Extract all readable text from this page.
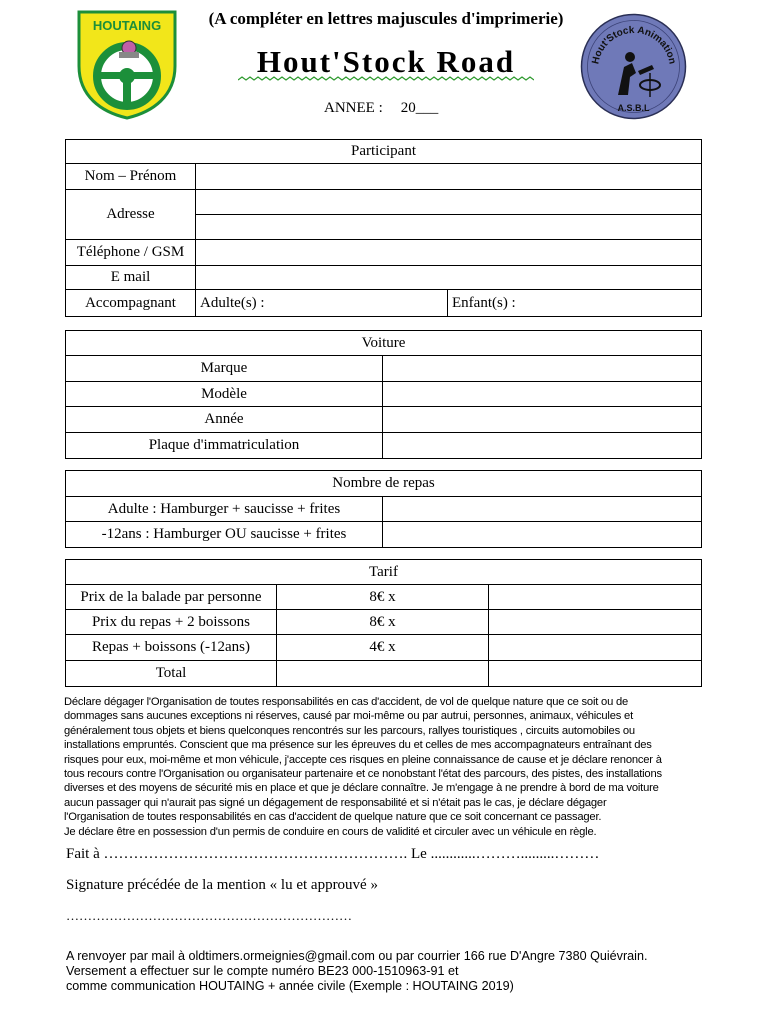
HOUTAING	(A compléter en lettres majuscules d'imprimerie)
Hout'Stock Road
ANNEE : 20___
Hout'Stock Animation
A.S.B.L
Participant		
Nom – Prénom		
Adresse		

Téléphone / GSM		
E mail		
Accompagnant	Adulte(s) :	Enfant(s) :
Voiture	
Marque	
Modèle	
Année	
Plaque d'immatriculation	
Nombre de repas	
Adulte : Hamburger + saucisse + frites	
-12ans : Hamburger OU saucisse + frites	
Tarif		
Prix de la balade par personne	8€ x	
Prix du repas + 2 boissons	8€ x	
Repas + boissons (-12ans)	4€ x	
Total		
Déclare dégager l'Organisation de toutes responsabilités en cas d'accident, de vol de quelque nature que ce soit ou de
dommages sans aucunes exceptions ni réserves, causé par moi-même ou par autrui, personnes, animaux, véhicules et
généralement tous objets et biens quelconques rencontrés sur les parcours, rallyes touristiques , circuits automobiles ou
installations empruntés. Conscient que ma présence sur les épreuves du et celles de mes accompagnateurs entraînant des
risques pour eux, moi-même et mon véhicule, j'accepte ces risques en pleine connaissance de cause et je déclare renoncer à
tous recours contre l'Organisation ou organisateur partenaire et ce nonobstant l'état des parcours, des pistes, des installations
diverses et des moyens de sécurité mis en place et que je déclare connaître. Je m'engage à ne prendre à bord de ma voiture
aucun passager qui n'aurait pas signé un dégagement de responsabilité et si n'était pas le cas, je déclare dégager
l'Organisation de toutes responsabilités en cas d'accident de quelque nature que ce soit concernant ce passager.
Je déclare être en possession d'un permis de conduire en cours de validité et circuler avec un véhicule en règle.
Fait à ……………………………………………………. Le ............……….........………
Signature précédée de la mention « lu et approuvé »
…………………………………………………………
A renvoyer par mail à oldtimers.ormeignies@gmail.com ou par courrier 166 rue D'Angre 7380 Quiévrain.
Versement a effectuer sur le compte numéro BE23 000-1510963-91 et
comme communication HOUTAING + année civile (Exemple : HOUTAING 2019)
